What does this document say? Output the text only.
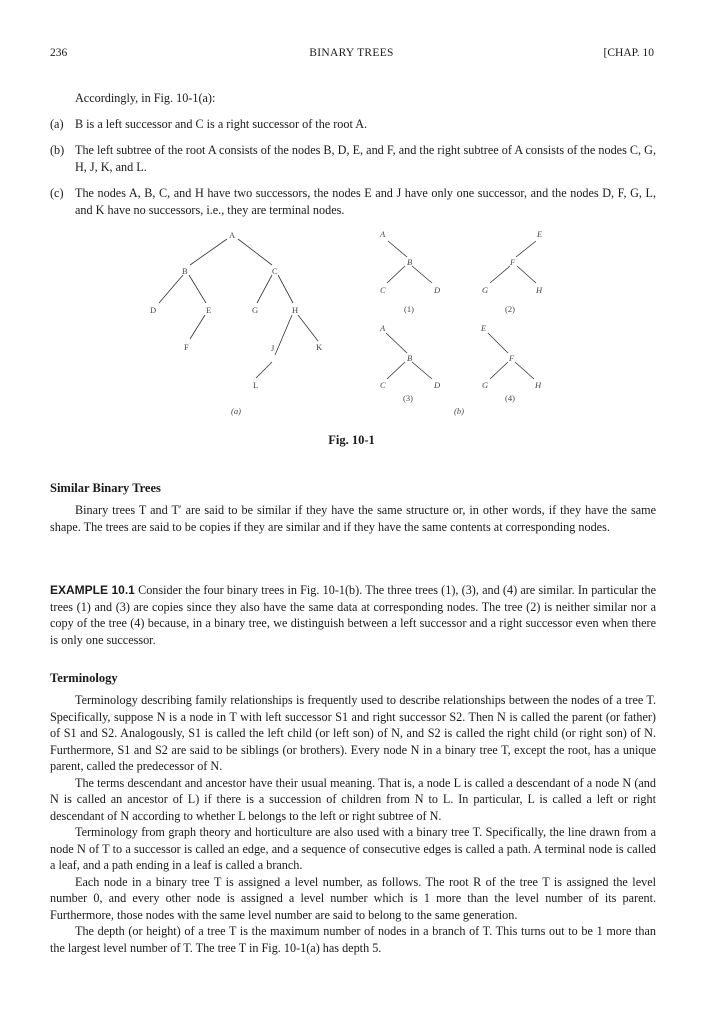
236	BINARY TREES	[CHAP. 10
Accordingly, in Fig. 10-1(a):
(a) B is a left successor and C is a right successor of the root A.
(b) The left subtree of the root A consists of the nodes B, D, E, and F, and the right subtree of A consists of the nodes C, G, H, J, K, and L.
(c) The nodes A, B, C, and H have two successors, the nodes E and J have only one successor, and the nodes D, F, G, L, and K have no successors, i.e., they are terminal nodes.
A
B	C
D	E	G	H
F	J	K
L
(a)
A
B
C	D
(1)
E
F
G	H
(2)
A
B
C	D
(3)
E
F
G	H
(4)
(b)
Fig. 10-1
Similar Binary Trees
Binary trees T and T′ are said to be similar if they have the same structure or, in other words, if they have the same shape. The trees are said to be copies if they are similar and if they have the same contents at corresponding nodes.
EXAMPLE 10.1 Consider the four binary trees in Fig. 10-1(b). The three trees (1), (3), and (4) are similar. In particular the trees (1) and (3) are copies since they also have the same data at corresponding nodes. The tree (2) is neither similar nor a copy of the tree (4) because, in a binary tree, we distinguish between a left successor and a right successor even when there is only one successor.
Terminology

Terminology describing family relationships is frequently used to describe relationships between the nodes of a tree T. Specifically, suppose N is a node in T with left successor S1 and right successor S2. Then N is called the parent (or father) of S1 and S2. Analogously, S1 is called the left child (or left son) of N, and S2 is called the right child (or right son) of N. Furthermore, S1 and S2 are said to be siblings (or brothers). Every node N in a binary tree T, except the root, has a unique parent, called the predecessor of N.

The terms descendant and ancestor have their usual meaning. That is, a node L is called a descendant of a node N (and N is called an ancestor of L) if there is a succession of children from N to L. In particular, L is called a left or right descendant of N according to whether L belongs to the left or right subtree of N.

Terminology from graph theory and horticulture are also used with a binary tree T. Specifically, the line drawn from a node N of T to a successor is called an edge, and a sequence of consecutive edges is called a path. A terminal node is called a leaf, and a path ending in a leaf is called a branch.

Each node in a binary tree T is assigned a level number, as follows. The root R of the tree T is assigned the level number 0, and every other node is assigned a level number which is 1 more than the level number of its parent. Furthermore, those nodes with the same level number are said to belong to the same generation.

The depth (or height) of a tree T is the maximum number of nodes in a branch of T. This turns out to be 1 more than the largest level number of T. The tree T in Fig. 10-1(a) has depth 5.
